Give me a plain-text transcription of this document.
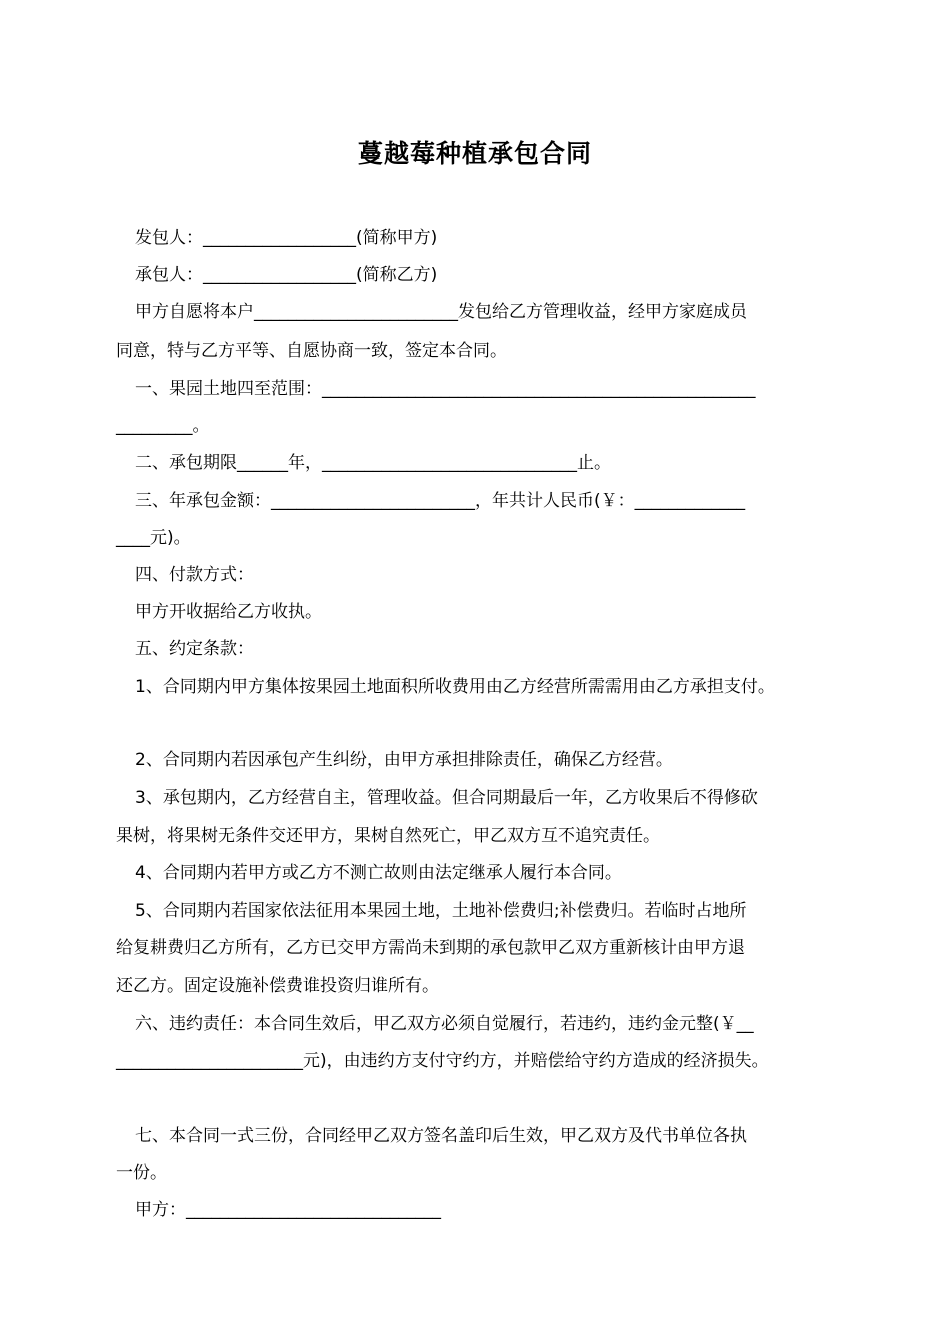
蔓越莓种植承包合同
发包人：__________________(简称甲方)
承包人：__________________(简称乙方)
甲方自愿将本户________________________发包给乙方管理收益，经甲方家庭成员
同意，特与乙方平等、自愿协商一致，签定本合同。
一、果园土地四至范围：___________________________________________________
_________。
二、承包期限______年，______________________________止。
三、年承包金额：________________________，年共计人民币(￥：_____________
____元)。
四、付款方式：
甲方开收据给乙方收执。
五、约定条款：
1、合同期内甲方集体按果园土地面积所收费用由乙方经营所需需用由乙方承担支付。
2、合同期内若因承包产生纠纷，由甲方承担排除责任，确保乙方经营。
3、承包期内，乙方经营自主，管理收益。但合同期最后一年，乙方收果后不得修砍
果树，将果树无条件交还甲方，果树自然死亡，甲乙双方互不追究责任。
4、合同期内若甲方或乙方不测亡故则由法定继承人履行本合同。
5、合同期内若国家依法征用本果园土地，土地补偿费归;补偿费归。若临时占地所
给复耕费归乙方所有，乙方已交甲方需尚未到期的承包款甲乙双方重新核计由甲方退
还乙方。固定设施补偿费谁投资归谁所有。
六、违约责任：本合同生效后，甲乙双方必须自觉履行，若违约，违约金元整(￥__
______________________元)，由违约方支付守约方，并赔偿给守约方造成的经济损失。
七、本合同一式三份，合同经甲乙双方签名盖印后生效，甲乙双方及代书单位各执
一份。
甲方：______________________________
